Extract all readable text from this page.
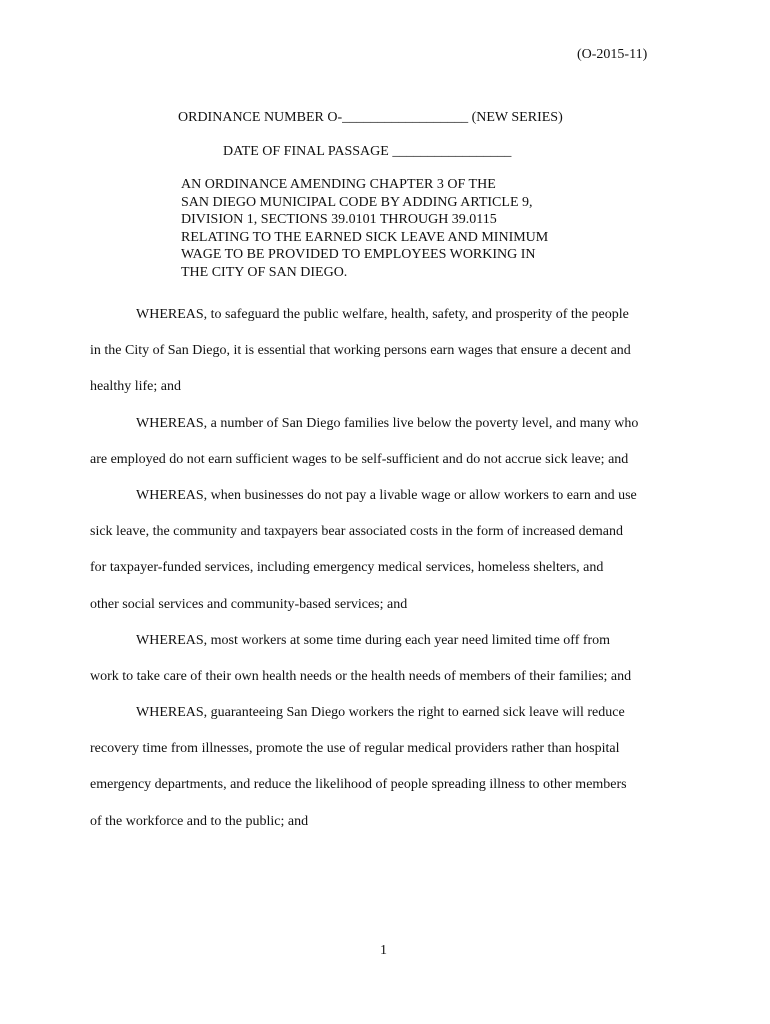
(O-2015-11)
ORDINANCE NUMBER O-__________________ (NEW SERIES)
DATE OF FINAL PASSAGE _________________
AN ORDINANCE AMENDING CHAPTER 3 OF THE
SAN DIEGO MUNICIPAL CODE BY ADDING ARTICLE 9,
DIVISION 1, SECTIONS 39.0101 THROUGH 39.0115
RELATING TO THE EARNED SICK LEAVE AND MINIMUM
WAGE TO BE PROVIDED TO EMPLOYEES WORKING IN
THE CITY OF SAN DIEGO.
WHEREAS, to safeguard the public welfare, health, safety, and prosperity of the people
in the City of San Diego, it is essential that working persons earn wages that ensure a decent and
healthy life; and
WHEREAS, a number of San Diego families live below the poverty level, and many who
are employed do not earn sufficient wages to be self-sufficient and do not accrue sick leave; and
WHEREAS, when businesses do not pay a livable wage or allow workers to earn and use
sick leave, the community and taxpayers bear associated costs in the form of increased demand
for taxpayer-funded services, including emergency medical services, homeless shelters, and
other social services and community-based services; and
WHEREAS, most workers at some time during each year need limited time off from
work to take care of their own health needs or the health needs of members of their families; and
WHEREAS, guaranteeing San Diego workers the right to earned sick leave will reduce
recovery time from illnesses, promote the use of regular medical providers rather than hospital
emergency departments, and reduce the likelihood of people spreading illness to other members
of the workforce and to the public; and
1
